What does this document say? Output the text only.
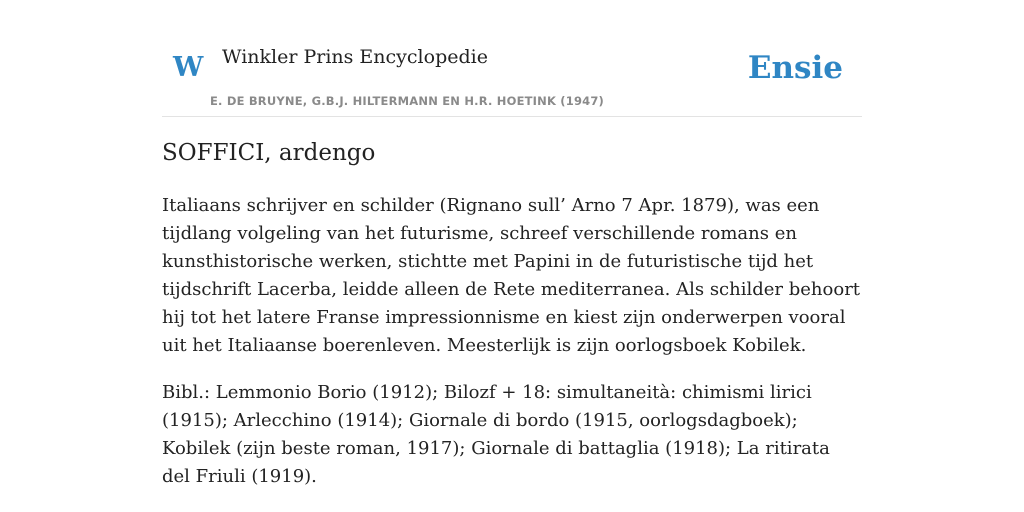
W Winkler Prins Encyclopedie
E. DE BRUYNE, G.B.J. HILTERMANN EN H.R. HOETINK (1947)
Ensie
SOFFICI, ardengo

Italiaans schrijver en schilder (Rignano sull’ Arno 7 Apr. 1879), was een tijdlang volgeling van het futurisme, schreef verschillende romans en kunsthistorische werken, stichtte met Papini in de futuristische tijd het tijdschrift Lacerba, leidde alleen de Rete mediterranea. Als schilder behoort hij tot het latere Franse impressionnisme en kiest zijn onderwerpen vooral uit het Italiaanse boerenleven. Meesterlijk is zijn oorlogsboek Kobilek.

Bibl.: Lemmonio Borio (1912); Bilozf + 18: simultaneità: chimismi lirici (1915); Arlecchino (1914); Giornale di bordo (1915, oorlogsdagboek); Kobilek (zijn beste roman, 1917); Giornale di battaglia (1918); La ritirata del Friuli (1919).
